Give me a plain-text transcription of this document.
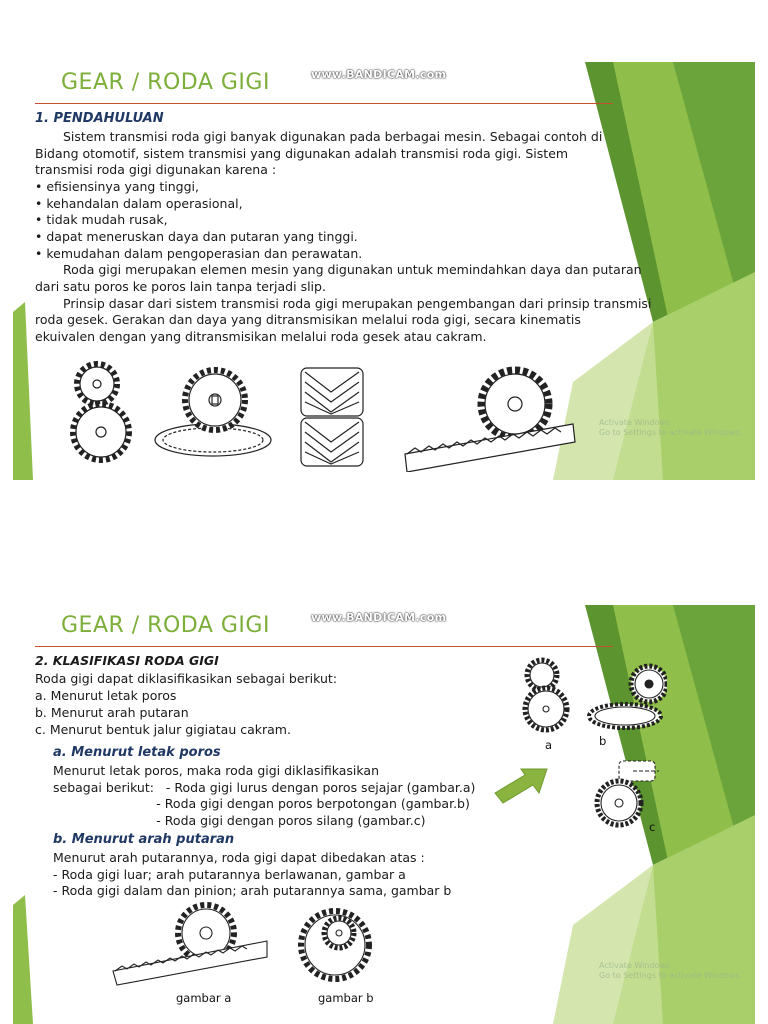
GEAR / RODA GIGI	www.BANDICAM.com
1. PENDAHULUAN
Sistem transmisi roda gigi banyak digunakan pada berbagai mesin. Sebagai contoh di
Bidang otomotif, sistem transmisi yang digunakan adalah transmisi roda gigi. Sistem
transmisi roda gigi digunakan karena :
• efisiensinya yang tinggi,
• kehandalan dalam operasional,
• tidak mudah rusak,
• dapat meneruskan daya dan putaran yang tinggi.
• kemudahan dalam pengoperasian dan perawatan.
Roda gigi merupakan elemen mesin yang digunakan untuk memindahkan daya dan putaran
dari satu poros ke poros lain tanpa terjadi slip.
Prinsip dasar dari sistem transmisi roda gigi merupakan pengembangan dari prinsip transmisi
roda gesek. Gerakan dan daya yang ditransmisikan melalui roda gigi, secara kinematis
ekuivalen dengan yang ditransmisikan melalui roda gesek atau cakram.
Activate Windows
Go to Settings to activate Windows.
GEAR / RODA GIGI	www.BANDICAM.com
2. KLASIFIKASI RODA GIGI
Roda gigi dapat diklasifikasikan sebagai berikut:
a. Menurut letak poros
b. Menurut arah putaran
c. Menurut bentuk jalur gigiatau cakram.
a. Menurut letak poros
Menurut letak poros, maka roda gigi diklasifikasikan
sebagai berikut:   - Roda gigi lurus dengan poros sejajar (gambar.a)
- Roda gigi dengan poros berpotongan (gambar.b)
- Roda gigi dengan poros silang (gambar.c)
b. Menurut arah putaran
Menurut arah putarannya, roda gigi dapat dibedakan atas :
- Roda gigi luar; arah putarannya berlawanan, gambar a
- Roda gigi dalam dan pinion; arah putarannya sama, gambar b
a	b
c
gambar a	gambar b
Activate Windows
Go to Settings to activate Windows.
